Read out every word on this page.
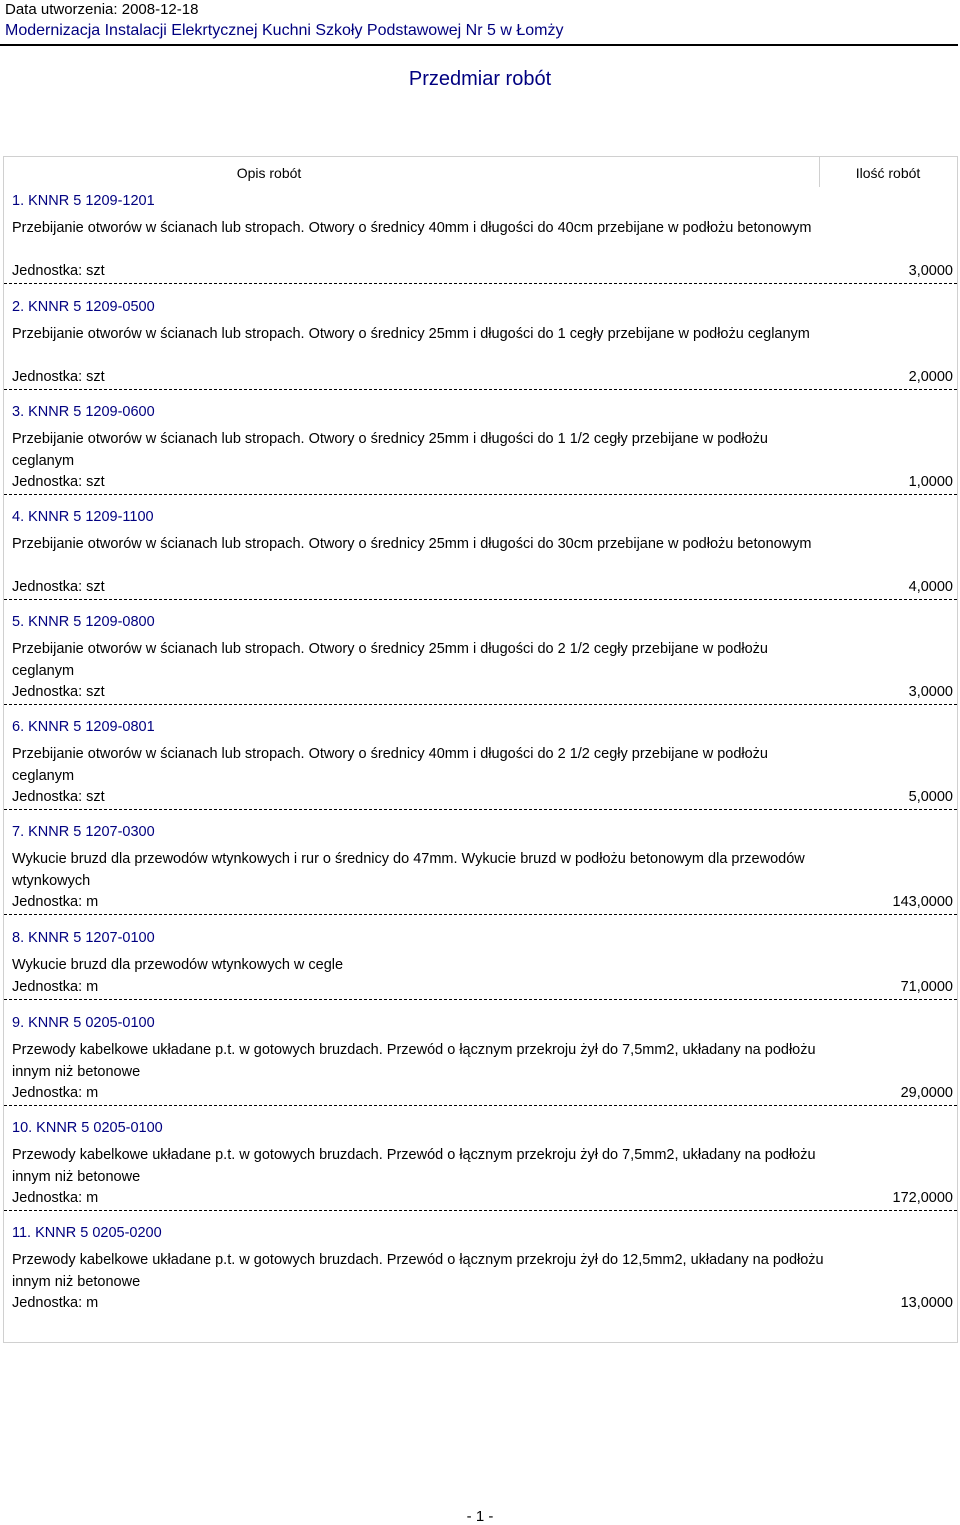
Data utworzenia: 2008-12-18
Modernizacja Instalacji Elekrtycznej Kuchni Szkoły Podstawowej Nr 5 w Łomży
Przedmiar robót
Opis robót	Ilość robót
1. KNNR 5 1209-1201
Przebijanie otworów w ścianach lub stropach. Otwory o średnicy 40mm i długości do 40cm przebijane w podłożu betonowym
Jednostka: szt	3,0000
2. KNNR 5 1209-0500
Przebijanie otworów w ścianach lub stropach. Otwory o średnicy 25mm i długości do 1 cegły przebijane w podłożu ceglanym
Jednostka: szt	2,0000
3. KNNR 5 1209-0600
Przebijanie otworów w ścianach lub stropach. Otwory o średnicy 25mm i długości do 1 1/2 cegły przebijane w podłożu ceglanym
Jednostka: szt	1,0000
4. KNNR 5 1209-1100
Przebijanie otworów w ścianach lub stropach. Otwory o średnicy 25mm i długości do 30cm przebijane w podłożu betonowym
Jednostka: szt	4,0000
5. KNNR 5 1209-0800
Przebijanie otworów w ścianach lub stropach. Otwory o średnicy 25mm i długości do 2 1/2 cegły przebijane w podłożu ceglanym
Jednostka: szt	3,0000
6. KNNR 5 1209-0801
Przebijanie otworów w ścianach lub stropach. Otwory o średnicy 40mm i długości do 2 1/2 cegły przebijane w podłożu ceglanym
Jednostka: szt	5,0000
7. KNNR 5 1207-0300
Wykucie bruzd dla przewodów wtynkowych i rur o średnicy do 47mm. Wykucie bruzd w podłożu betonowym dla przewodów wtynkowych
Jednostka: m	143,0000
8. KNNR 5 1207-0100
Wykucie bruzd dla przewodów wtynkowych w cegle
Jednostka: m	71,0000
9. KNNR 5 0205-0100
Przewody kabelkowe układane p.t. w gotowych bruzdach. Przewód o łącznym przekroju żył do 7,5mm2, układany na podłożu innym niż betonowe
Jednostka: m	29,0000
10. KNNR 5 0205-0100
Przewody kabelkowe układane p.t. w gotowych bruzdach. Przewód o łącznym przekroju żył do 7,5mm2, układany na podłożu innym niż betonowe
Jednostka: m	172,0000
11. KNNR 5 0205-0200
Przewody kabelkowe układane p.t. w gotowych bruzdach. Przewód o łącznym przekroju żył do 12,5mm2, układany na podłożu innym niż betonowe
Jednostka: m	13,0000
- 1 -
